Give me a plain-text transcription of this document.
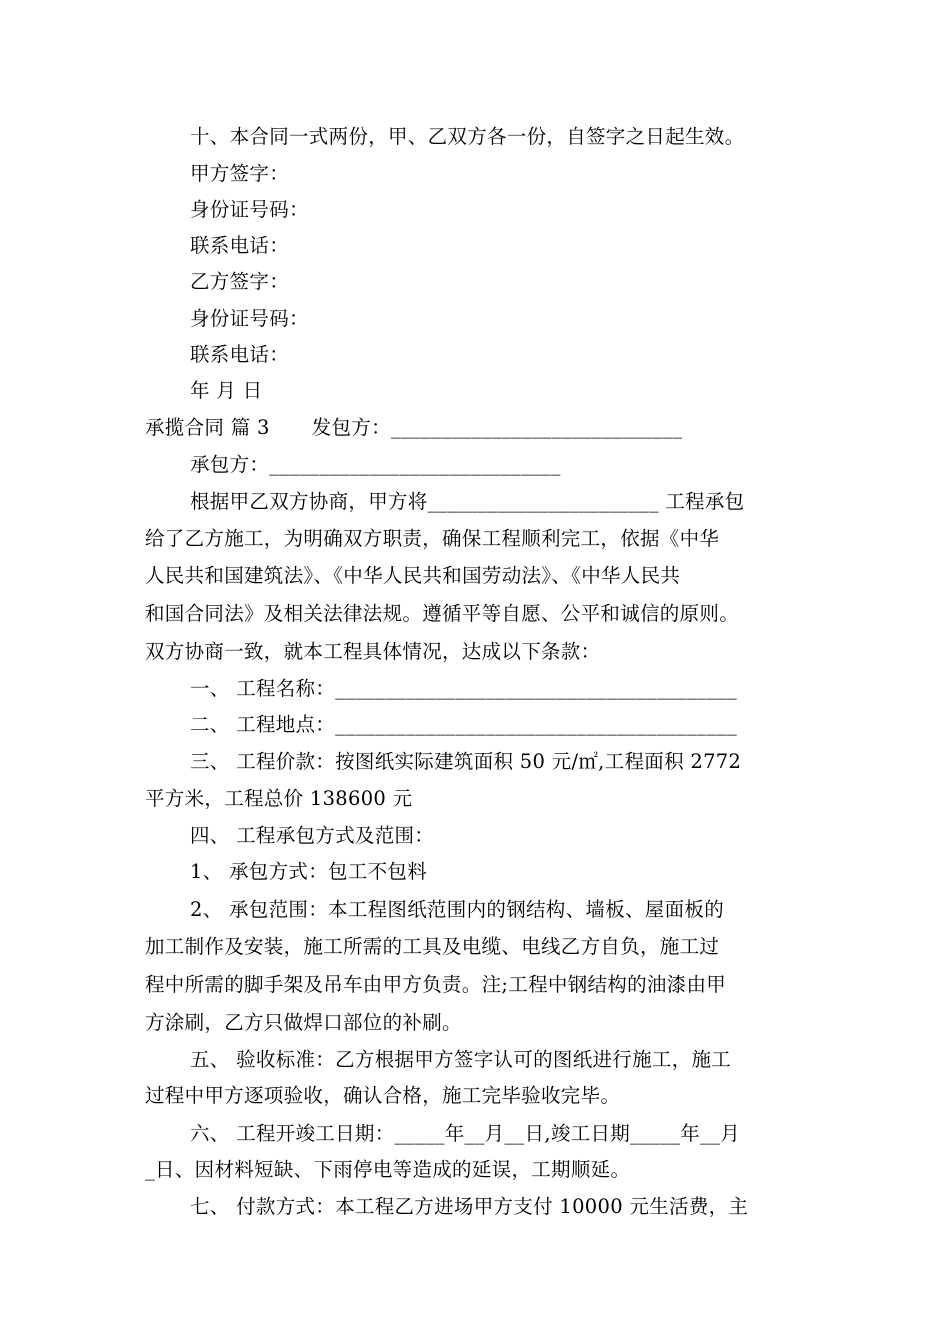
十、本合同一式两份，甲、乙双方各一份，自签字之日起生效。
甲方签字：
身份证号码：
联系电话：
乙方签字：
身份证号码：
联系电话：
年 月 日
承揽合同 篇 3 发包方：_____________________________
承包方：_____________________________
根据甲乙双方协商，甲方将_______________________ 工程承包
给了乙方施工，为明确双方职责，确保工程顺利完工，依据《中华
人民共和国建筑法》、《中华人民共和国劳动法》、《中华人民共
和国合同法》及相关法律法规。遵循平等自愿、公平和诚信的原则。
双方协商一致，就本工程具体情况，达成以下条款：
一、 工程名称：________________________________________
二、 工程地点：________________________________________
三、 工程价款：按图纸实际建筑面积 50 元/㎡,工程面积 2772
平方米，工程总价 138600 元
四、 工程承包方式及范围：
1、 承包方式：包工不包料
2、 承包范围：本工程图纸范围内的钢结构、墙板、屋面板的
加工制作及安装，施工所需的工具及电缆、电线乙方自负，施工过
程中所需的脚手架及吊车由甲方负责。注;工程中钢结构的油漆由甲
方涂刷，乙方只做焊口部位的补刷。
五、 验收标准：乙方根据甲方签字认可的图纸进行施工，施工
过程中甲方逐项验收，确认合格，施工完毕验收完毕。
六、 工程开竣工日期：_____年__月__日,竣工日期_____年__月
_日、因材料短缺、下雨停电等造成的延误，工期顺延。
七、 付款方式：本工程乙方进场甲方支付 10000 元生活费，主
